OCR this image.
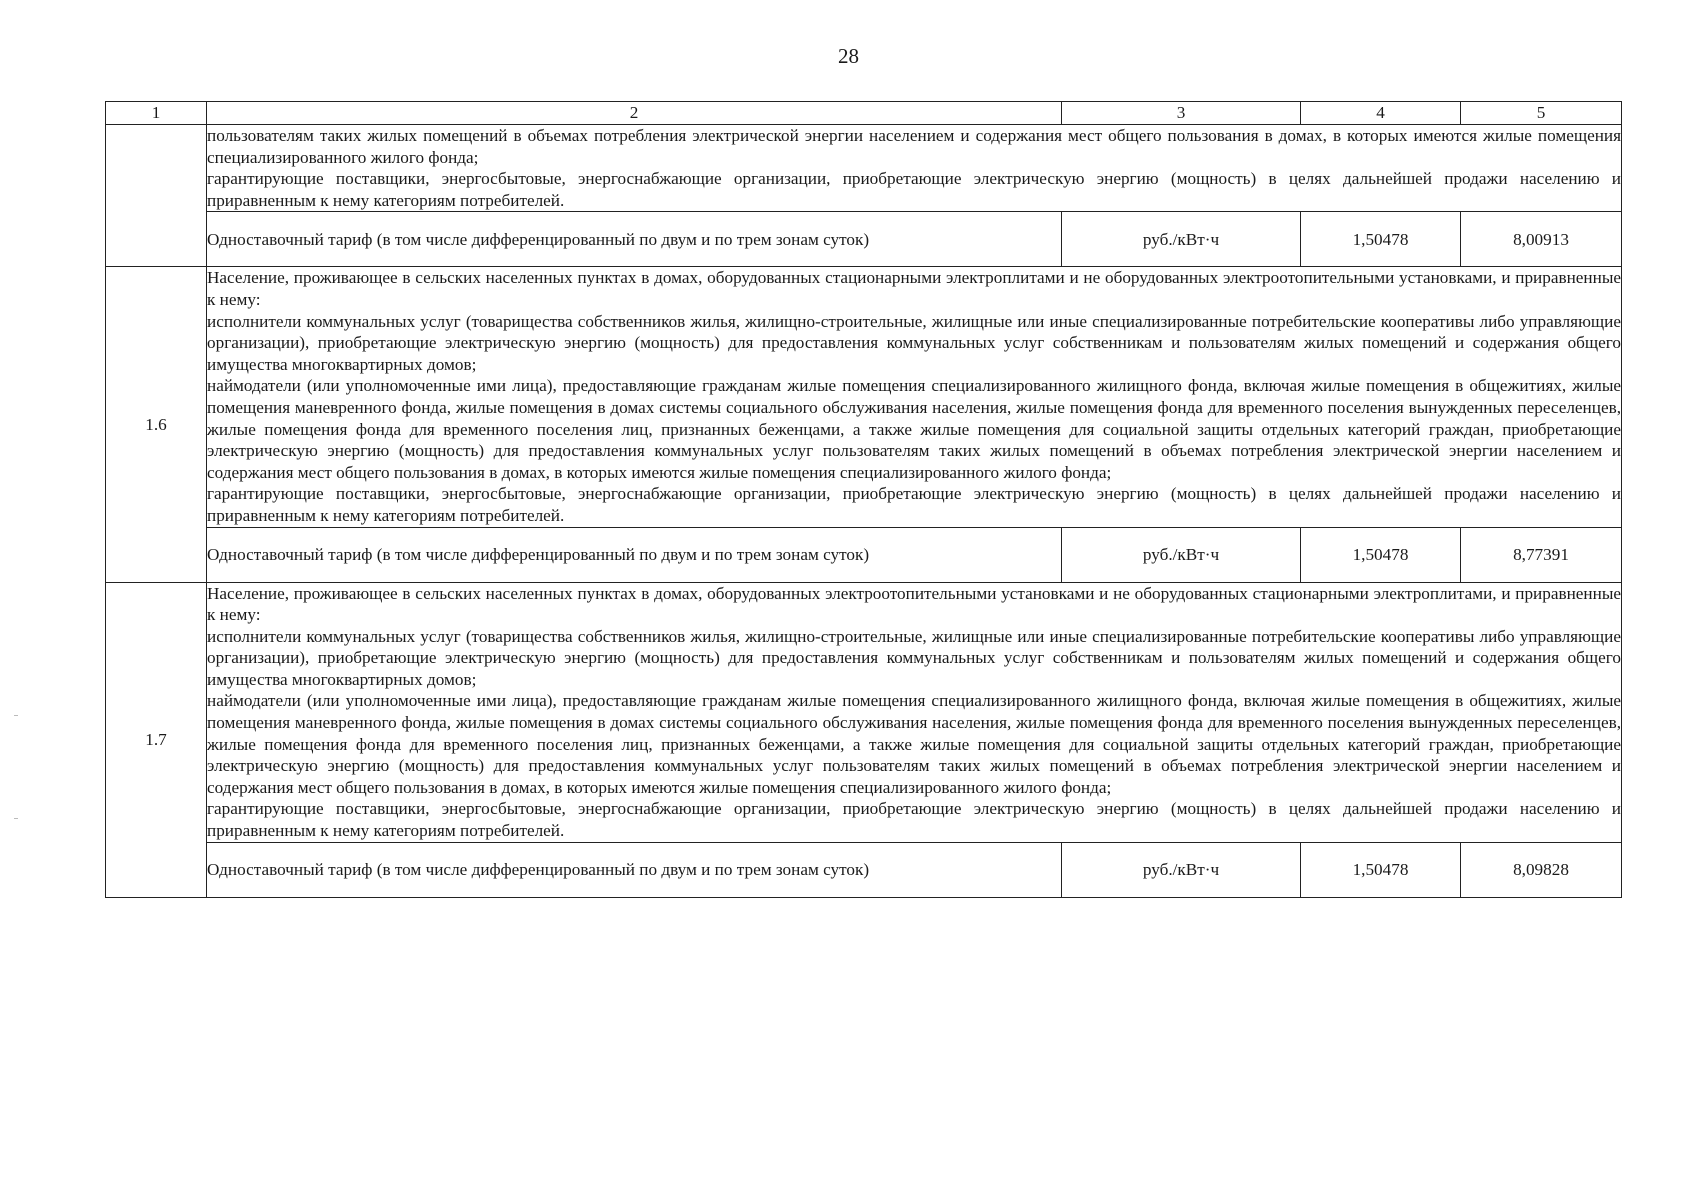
28
1	2	3	4	5

	пользователям таких жилых помещений в объемах потребления электрической энергии населением и содержания мест общего пользования в домах, в которых имеются жилые помещения специализированного жилого фонда;

гарантирующие поставщики, энергосбытовые, энергоснабжающие организации, приобретающие электрическую энергию (мощность) в целях дальнейшей продажи населению и приравненным к нему категориям потребителей.			

	Одноставочный тариф (в том числе дифференцированный по двум и по трем зонам суток)	руб./кВт·ч	1,50478	8,00913
1.6	Население, проживающее в сельских населенных пунктах в домах, оборудованных стационарными электроплитами и не оборудованных электроотопительными установками, и приравненные к нему:

исполнители коммунальных услуг (товарищества собственников жилья, жилищно-строительные, жилищные или иные специализированные потребительские кооперативы либо управляющие организации), приобретающие электрическую энергию (мощность) для предоставления коммунальных услуг собственникам и пользователям жилых помещений и содержания общего имущества многоквартирных домов;

наймодатели (или уполномоченные ими лица), предоставляющие гражданам жилые помещения специализированного жилищного фонда, включая жилые помещения в общежитиях, жилые помещения маневренного фонда, жилые помещения в домах системы социального обслуживания населения, жилые помещения фонда для временного поселения вынужденных переселенцев, жилые помещения фонда для временного поселения лиц, признанных беженцами, а также жилые помещения для социальной защиты отдельных категорий граждан, приобретающие электрическую энергию (мощность) для предоставления коммунальных услуг пользователям таких жилых помещений в объемах потребления электрической энергии населением и содержания мест общего пользования в домах, в которых имеются жилые помещения специализированного жилого фонда;

гарантирующие поставщики, энергосбытовые, энергоснабжающие организации, приобретающие электрическую энергию (мощность) в целях дальнейшей продажи населению и приравненным к нему категориям потребителей.			

	Одноставочный тариф (в том числе дифференцированный по двум и по трем зонам суток)	руб./кВт·ч	1,50478	8,77391
1.7	Население, проживающее в сельских населенных пунктах в домах, оборудованных электроотопительными установками и не оборудованных стационарными электроплитами, и приравненные к нему:

исполнители коммунальных услуг (товарищества собственников жилья, жилищно-строительные, жилищные или иные специализированные потребительские кооперативы либо управляющие организации), приобретающие электрическую энергию (мощность) для предоставления коммунальных услуг собственникам и пользователям жилых помещений и содержания общего имущества многоквартирных домов;

наймодатели (или уполномоченные ими лица), предоставляющие гражданам жилые помещения специализированного жилищного фонда, включая жилые помещения в общежитиях, жилые помещения маневренного фонда, жилые помещения в домах системы социального обслуживания населения, жилые помещения фонда для временного поселения вынужденных переселенцев, жилые помещения фонда для временного поселения лиц, признанных беженцами, а также жилые помещения для социальной защиты отдельных категорий граждан, приобретающие электрическую энергию (мощность) для предоставления коммунальных услуг пользователям таких жилых помещений в объемах потребления электрической энергии населением и содержания мест общего пользования в домах, в которых имеются жилые помещения специализированного жилого фонда;

гарантирующие поставщики, энергосбытовые, энергоснабжающие организации, приобретающие электрическую энергию (мощность) в целях дальнейшей продажи населению и приравненным к нему категориям потребителей.			

	Одноставочный тариф (в том числе дифференцированный по двум и по трем зонам суток)	руб./кВт·ч	1,50478	8,09828
